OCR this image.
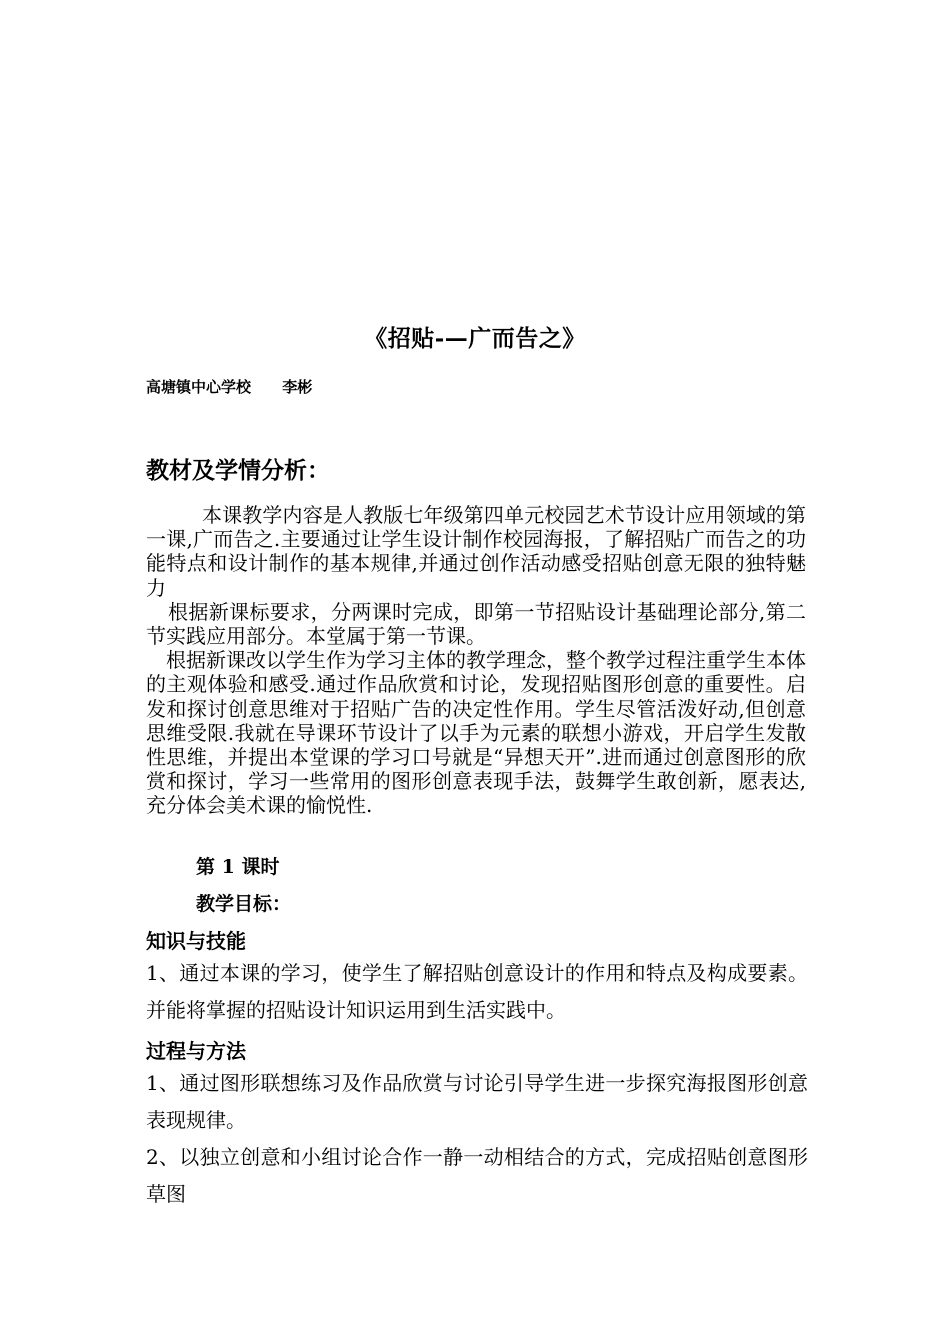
《招贴-—广而告之》
高塘镇中心学校 李彬
教材及学情分析：

本课教学内容是人教版七年级第四单元校园艺术节设计应用领域的第一课,广而告之.主要通过让学生设计制作校园海报，了解招贴广而告之的功能特点和设计制作的基本规律,并通过创作活动感受招贴创意无限的独特魅力

根据新课标要求，分两课时完成，即第一节招贴设计基础理论部分,第二节实践应用部分。本堂属于第一节课。

根据新课改以学生作为学习主体的教学理念，整个教学过程注重学生本体的主观体验和感受.通过作品欣赏和讨论，发现招贴图形创意的重要性。启发和探讨创意思维对于招贴广告的决定性作用。学生尽管活泼好动,但创意思维受限.我就在导课环节设计了以手为元素的联想小游戏，开启学生发散性思维，并提出本堂课的学习口号就是“异想天开”.进而通过创意图形的欣赏和探讨，学习一些常用的图形创意表现手法，鼓舞学生敢创新，愿表达,充分体会美术课的愉悦性.

第 1 课时
教学目标：
知识与技能
1、通过本课的学习，使学生了解招贴创意设计的作用和特点及构成要素。并能将掌握的招贴设计知识运用到生活实践中。
过程与方法
1、通过图形联想练习及作品欣赏与讨论引导学生进一步探究海报图形创意表现规律。
2、以独立创意和小组讨论合作一静一动相结合的方式，完成招贴创意图形草图
